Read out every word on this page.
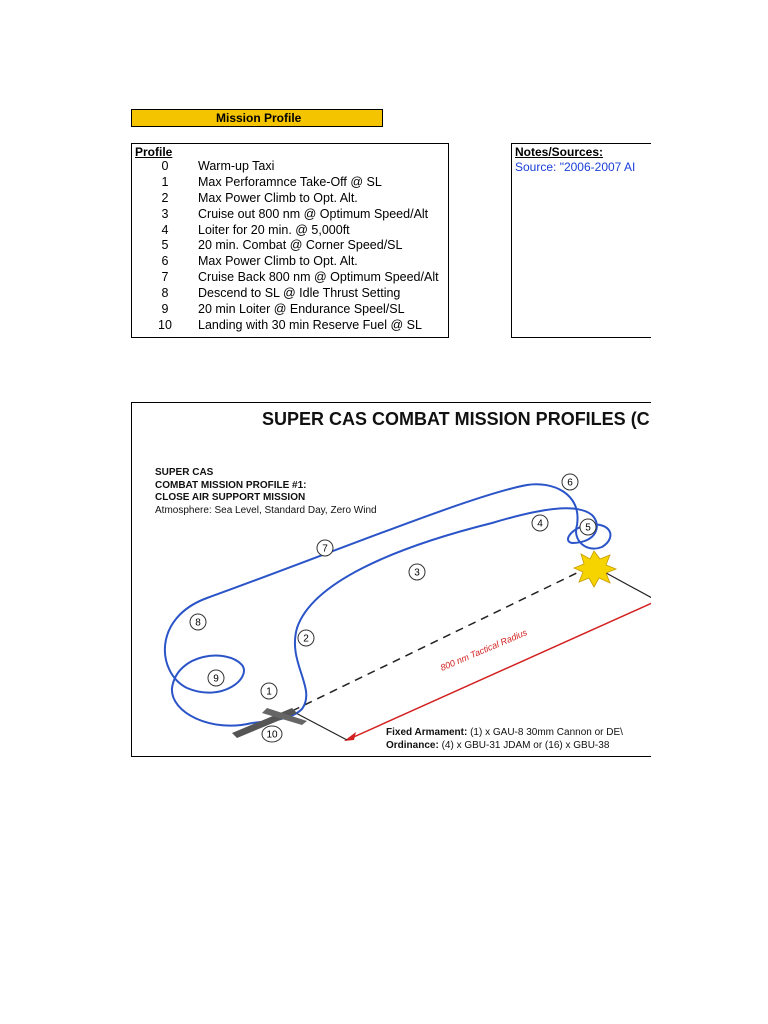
Mission Profile
Profile
0	Warm-up Taxi
1	Max Perforamnce Take-Off @ SL
2	Max Power Climb to Opt. Alt.
3	Cruise out 800 nm @ Optimum Speed/Alt
4	Loiter for 20 min. @ 5,000ft
5	20 min. Combat @ Corner Speed/SL
6	Max Power Climb to Opt. Alt.
7	Cruise Back 800 nm @ Optimum Speed/Alt
8	Descend to SL @ Idle Thrust Setting
9	20 min Loiter @ Endurance Speel/SL
10	Landing with 30 min Reserve Fuel @ SL
Notes/Sources:
Source: "2006-2007 AI
1
2
3
4	5
6
7
8
9
10
800 nm Tactical Radius
SUPER CAS COMBAT MISSION PROFILES (C
SUPER CAS
COMBAT MISSION PROFILE #1:
CLOSE AIR SUPPORT MISSION
Atmosphere: Sea Level, Standard Day, Zero Wind
Fixed Armament: (1) x GAU-8 30mm Cannon or DE\
Ordinance: (4) x GBU-31 JDAM or (16) x GBU-38
